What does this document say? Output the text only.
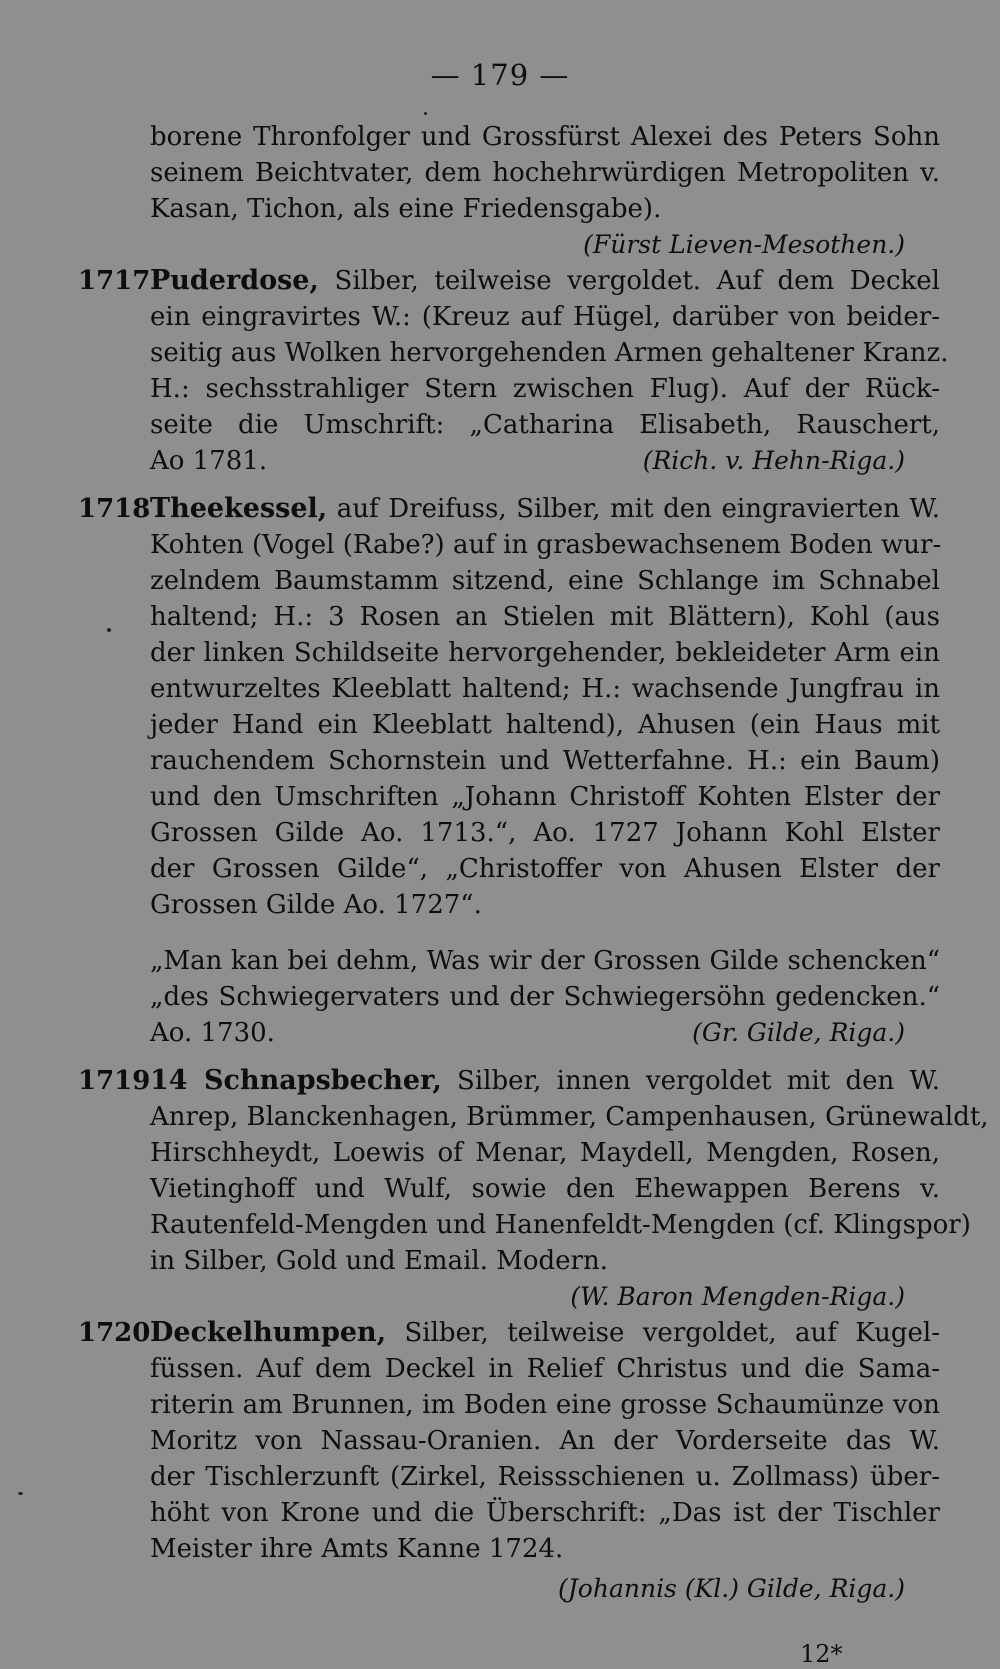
— 179 —
borene Thronfolger und Grossfürst Alexei des Peters Sohn
seinem Beichtvater, dem hochehrwürdigen Metropoliten v.
Kasan, Tichon, als eine Friedensgabe).
(Fürst Lieven-Mesothen.)
1717 Puderdose, Silber, teilweise vergoldet. Auf dem Deckel
ein eingravirtes W.: (Kreuz auf Hügel, darüber von beider-
seitig aus Wolken hervorgehenden Armen gehaltener Kranz.
H.: sechsstrahliger Stern zwischen Flug). Auf der Rück-
seite die Umschrift: „Catharina Elisabeth, Rauschert,
Ao 1781.	(Rich. v. Hehn-Riga.)
1718 Theekessel, auf Dreifuss, Silber, mit den eingravierten W.
Kohten (Vogel (Rabe?) auf in grasbewachsenem Boden wur-
zelndem Baumstamm sitzend, eine Schlange im Schnabel
haltend; H.: 3 Rosen an Stielen mit Blättern), Kohl (aus
der linken Schildseite hervorgehender, bekleideter Arm ein
entwurzeltes Kleeblatt haltend; H.: wachsende Jungfrau in
jeder Hand ein Kleeblatt haltend), Ahusen (ein Haus mit
rauchendem Schornstein und Wetterfahne. H.: ein Baum)
und den Umschriften „Johann Christoff Kohten Elster der
Grossen Gilde Ao. 1713.“, Ao. 1727 Johann Kohl Elster
der Grossen Gilde“, „Christoffer von Ahusen Elster der
Grossen Gilde Ao. 1727“.
„Man kan bei dehm, Was wir der Grossen Gilde schencken“
„des Schwiegervaters und der Schwiegersöhn gedencken.“
Ao. 1730.	(Gr. Gilde, Riga.)
1719 14 Schnapsbecher, Silber, innen vergoldet mit den W.
Anrep, Blanckenhagen, Brümmer, Campenhausen, Grünewaldt,
Hirschheydt, Loewis of Menar, Maydell, Mengden, Rosen,
Vietinghoff und Wulf, sowie den Ehewappen Berens v.
Rautenfeld-Mengden und Hanenfeldt-Mengden (cf. Klingspor)
in Silber, Gold und Email. Modern.
(W. Baron Mengden-Riga.)
1720 Deckelhumpen, Silber, teilweise vergoldet, auf Kugel-
füssen. Auf dem Deckel in Relief Christus und die Sama-
riterin am Brunnen, im Boden eine grosse Schaumünze von
Moritz von Nassau-Oranien. An der Vorderseite das W.
der Tischlerzunft (Zirkel, Reissschienen u. Zollmass) über-
höht von Krone und die Überschrift: „Das ist der Tischler
Meister ihre Amts Kanne 1724.
(Johannis (Kl.) Gilde, Riga.)
12*
